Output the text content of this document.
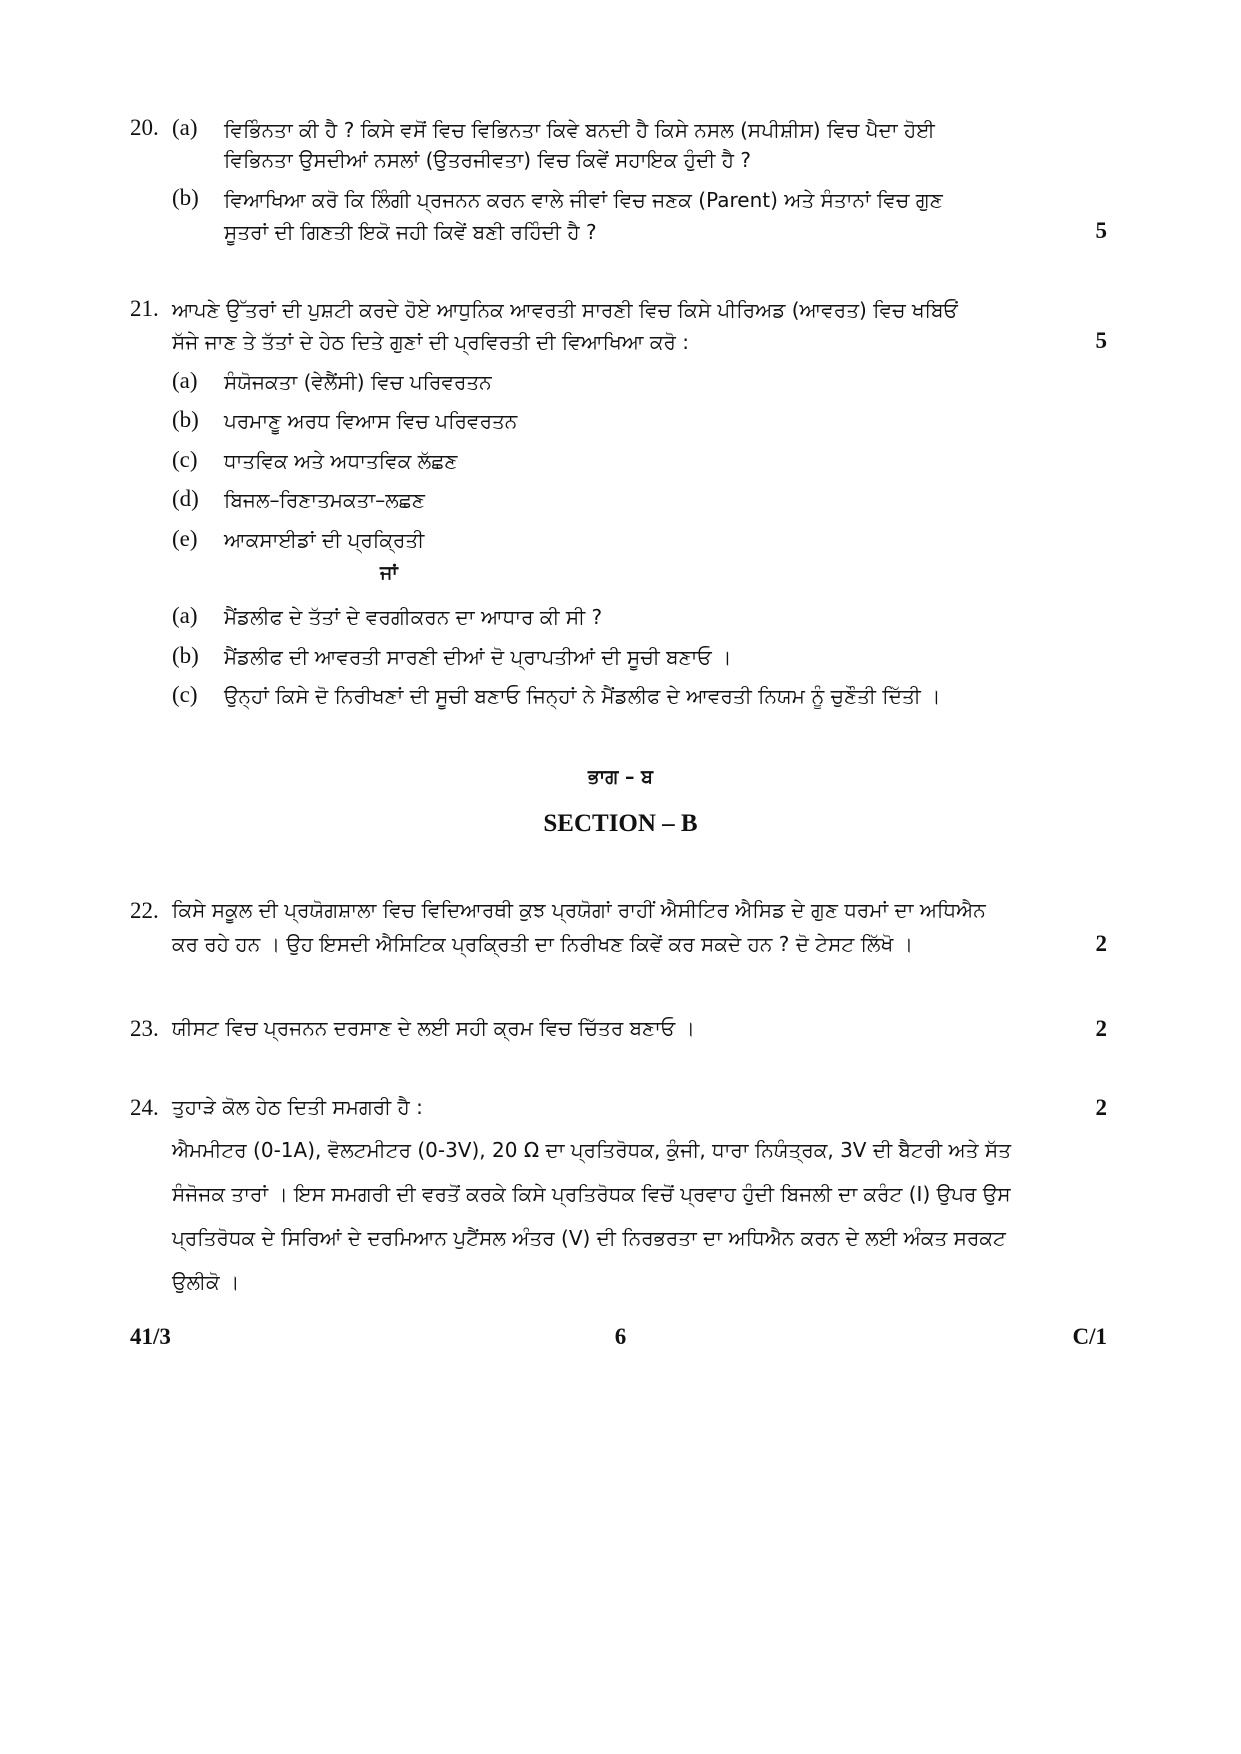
20. (a) ਵਿਭਿੰਨਤਾ ਕੀ ਹੈ ? ਕਿਸੇ ਵਸੋਂ ਵਿਚ ਵਿਭਿਨਤਾ ਕਿਵੇ ਬਨਦੀ ਹੈ ਕਿਸੇ ਨਸਲ (ਸਪੀਸ਼ੀਸ) ਵਿਚ ਪੈਦਾ ਹੋਈ
ਵਿਭਿਨਤਾ ਉਸਦੀਆਂ ਨਸਲਾਂ (ਉਤਰਜੀਵਤਾ) ਵਿਚ ਕਿਵੇਂ ਸਹਾਇਕ ਹੁੰਦੀ ਹੈ ?
(b) ਵਿਆਖਿਆ ਕਰੋ ਕਿ ਲਿੰਗੀ ਪ੍ਰਜਨਨ ਕਰਨ ਵਾਲੇ ਜੀਵਾਂ ਵਿਚ ਜਣਕ (Parent) ਅਤੇ ਸੰਤਾਨਾਂ ਵਿਚ ਗੁਣ
ਸੂਤਰਾਂ ਦੀ ਗਿਣਤੀ ਇਕੋ ਜਹੀ ਕਿਵੇਂ ਬਣੀ ਰਹਿੰਦੀ ਹੈ ?	5
21. ਆਪਣੇ ਉੱਤਰਾਂ ਦੀ ਪੁਸ਼ਟੀ ਕਰਦੇ ਹੋਏ ਆਧੁਨਿਕ ਆਵਰਤੀ ਸਾਰਣੀ ਵਿਚ ਕਿਸੇ ਪੀਰਿਅਡ (ਆਵਰਤ) ਵਿਚ ਖਬਿਓਂ
ਸੱਜੇ ਜਾਣ ਤੇ ਤੱਤਾਂ ਦੇ ਹੇਠ ਦਿਤੇ ਗੁਣਾਂ ਦੀ ਪ੍ਰਵਿਰਤੀ ਦੀ ਵਿਆਖਿਆ ਕਰੋ :	5
(a) ਸੰਯੋਜਕਤਾ (ਵੇਲੈਂਸੀ) ਵਿਚ ਪਰਿਵਰਤਨ
(b) ਪਰਮਾਣੂ ਅਰਧ ਵਿਆਸ ਵਿਚ ਪਰਿਵਰਤਨ
(c) ਧਾਤਵਿਕ ਅਤੇ ਅਧਾਤਵਿਕ ਲੱਛਣ
(d) ਬਿਜਲ–ਰਿਣਾਤਮਕਤਾ–ਲਛਣ
(e) ਆਕਸਾਈਡਾਂ ਦੀ ਪ੍ਰਕ੍ਰਿਤੀ
ਜਾਂ
(a) ਮੈਂਡਲੀਫ ਦੇ ਤੱਤਾਂ ਦੇ ਵਰਗੀਕਰਨ ਦਾ ਆਧਾਰ ਕੀ ਸੀ ?
(b) ਮੈਂਡਲੀਫ ਦੀ ਆਵਰਤੀ ਸਾਰਣੀ ਦੀਆਂ ਦੋ ਪ੍ਰਾਪਤੀਆਂ ਦੀ ਸੂਚੀ ਬਣਾਓ ।
(c) ਉਨ੍ਹਾਂ ਕਿਸੇ ਦੋ ਨਿਰੀਖਣਾਂ ਦੀ ਸੂਚੀ ਬਣਾਓ ਜਿਨ੍ਹਾਂ ਨੇ ਮੈਂਡਲੀਫ ਦੇ ਆਵਰਤੀ ਨਿਯਮ ਨੂੰ ਚੁਣੌਤੀ ਦਿੱਤੀ ।
ਭਾਗ – ਬ
SECTION – B
22. ਕਿਸੇ ਸਕੂਲ ਦੀ ਪ੍ਰਯੋਗਸ਼ਾਲਾ ਵਿਚ ਵਿਦਿਆਰਥੀ ਕੁਝ ਪ੍ਰਯੋਗਾਂ ਰਾਹੀਂ ਐਸੀਟਿਰ ਐਸਿਡ ਦੇ ਗੁਣ ਧਰਮਾਂ ਦਾ ਅਧਿਐਨ
ਕਰ ਰਹੇ ਹਨ । ਉਹ ਇਸਦੀ ਐਸਿਟਿਕ ਪ੍ਰਕ੍ਰਿਤੀ ਦਾ ਨਿਰੀਖਣ ਕਿਵੇਂ ਕਰ ਸਕਦੇ ਹਨ ? ਦੋ ਟੇਸਟ ਲਿੱਖੋ ।	2
23. ਯੀਸਟ ਵਿਚ ਪ੍ਰਜਨਨ ਦਰਸਾਣ ਦੇ ਲਈ ਸਹੀ ਕ੍ਰਮ ਵਿਚ ਚਿੱਤਰ ਬਣਾਓ ।	2
24. ਤੁਹਾੜੇ ਕੋਲ ਹੇਠ ਦਿਤੀ ਸਮਗਰੀ ਹੈ :	2
ਐਮਮੀਟਰ (0-1A), ਵੋਲਟਮੀਟਰ (0-3V), 20 Ω ਦਾ ਪ੍ਰਤਿਰੋਧਕ, ਕੁੰਜੀ, ਧਾਰਾ ਨਿਯੰਤ੍ਰਕ, 3V ਦੀ ਬੈਟਰੀ ਅਤੇ ਸੱਤ ਸੰਜੋਜਕ ਤਾਰਾਂ । ਇਸ ਸਮਗਰੀ ਦੀ ਵਰਤੋਂ ਕਰਕੇ ਕਿਸੇ ਪ੍ਰਤਿਰੋਧਕ ਵਿਚੋਂ ਪ੍ਰਵਾਹ ਹੁੰਦੀ ਬਿਜਲੀ ਦਾ ਕਰੰਟ (I) ਉਪਰ ਉਸ ਪ੍ਰਤਿਰੋਧਕ ਦੇ ਸਿਰਿਆਂ ਦੇ ਦਰਮਿਆਨ ਪੁਟੈਂਸਲ ਅੰਤਰ (V) ਦੀ ਨਿਰਭਰਤਾ ਦਾ ਅਧਿਐਨ ਕਰਨ ਦੇ ਲਈ ਅੰਕਤ ਸਰਕਟ ਉਲੀਕੋ ।
41/3	6	C/1
